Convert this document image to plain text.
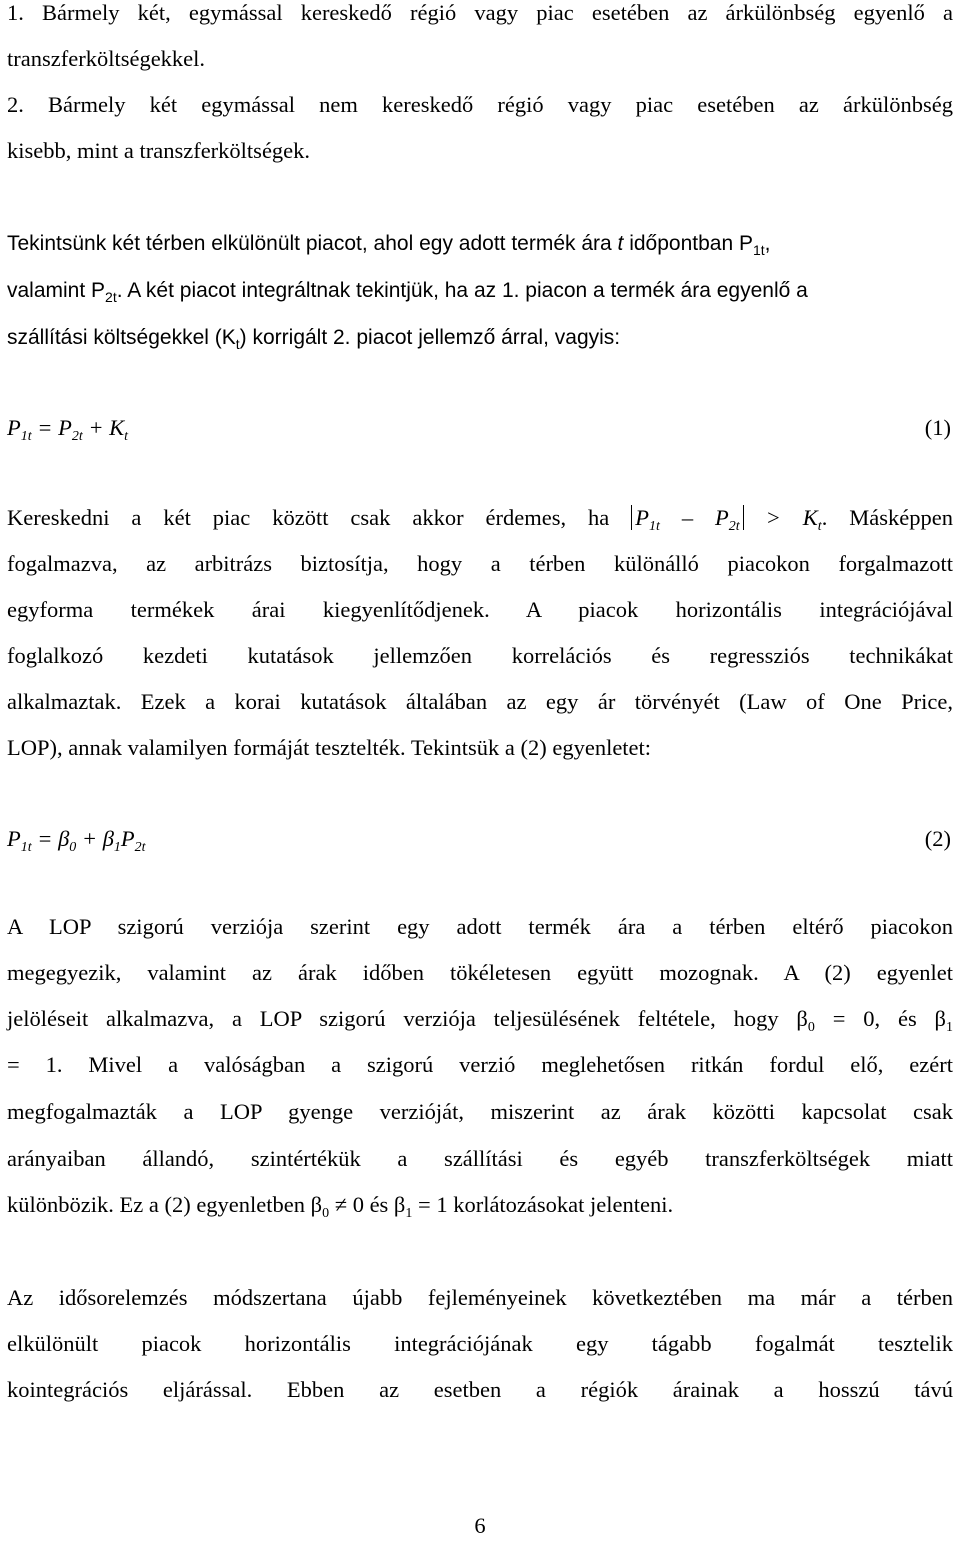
1. Bármely két, egymással kereskedő régió vagy piac esetében az árkülönbség egyenlő a
transzferköltségekkel.
2. Bármely két egymással nem kereskedő régió vagy piac esetében az árkülönbség
kisebb, mint a transzferköltségek.
Tekintsünk két térben elkülönült piacot, ahol egy adott termék ára t időpontban $P_{1t}$,
valamint $P_{2t}$. A két piacot integráltnak tekintjük, ha az 1. piacon a termék ára egyenlő a
szállítási költségekkel $(K_t)$ korrigált 2. piacot jellemző árral, vagyis:
$P_{1t} = P_{2t} + K_t$	(1)
Kereskedni a két piac között csak akkor érdemes, ha $P_{1t} - P_{2t} > K_t$. Másképpen
fogalmazva, az arbitrázs biztosítja, hogy a térben különálló piacokon forgalmazott
egyforma termékek árai kiegyenlítődjenek. A piacok horizontális integrációjával
foglalkozó kezdeti kutatások jellemzően korrelációs és regressziós technikákat
alkalmaztak. Ezek a korai kutatások általában az egy ár törvényét (Law of One Price,
LOP), annak valamilyen formáját tesztelték. Tekintsük a (2) egyenletet:
$P_{1t} = \beta_0 + \beta_1P_{2t}$	(2)
A LOP szigorú verziója szerint egy adott termék ára a térben eltérő piacokon
megegyezik, valamint az árak időben tökéletesen együtt mozognak. A (2) egyenlet
jelöléseit alkalmazva, a LOP szigorú verziója teljesülésének feltétele, hogy $\beta_0 = 0$, és $\beta_1$
= 1. Mivel a valóságban a szigorú verzió meglehetősen ritkán fordul elő, ezért
megfogalmazták a LOP gyenge verzióját, miszerint az árak közötti kapcsolat csak
arányaiban állandó, szintértékük a szállítási és egyéb transzferköltségek miatt
különbözik. Ez a (2) egyenletben $\beta_0 \ne 0$ és $\beta_1 = 1$ korlátozásokat jelenteni.
Az idősorelemzés módszertana újabb fejleményeinek következtében ma már a térben
elkülönült piacok horizontális integrációjának egy tágabb fogalmát tesztelik
kointegrációs eljárással. Ebben az esetben a régiók árainak a hosszú távú
6
